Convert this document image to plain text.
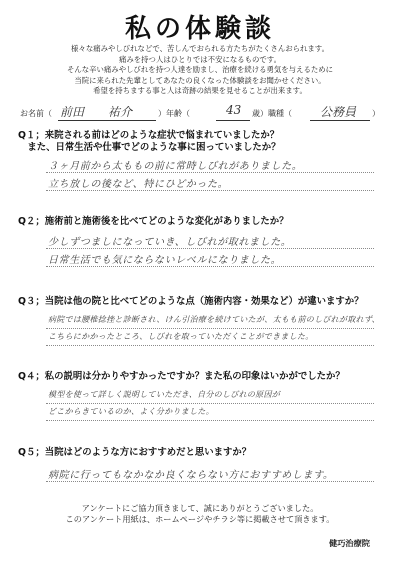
私の体験談
様々な痛みやしびれなどで、苦しんでおられる方たちがたくさんおられます。
痛みを持つ人はひとりでは不安になるものです。
そんな辛い痛みやしびれを持つ人達を励まし、治療を続ける勇気を与えるために
当院に来られた先輩としてあなたの良くなった体験談をお聞かせください。
希望を持ちまする事と人は奇跡の結果を見せることが出来ます。
お名前（ 前田　　祐介	）年齢（	43 歳）職種（ 公務員 ）
Q１；来院される前はどのような症状で悩まれていましたか？
　また、日常生活や仕事でどのような事に困っていましたか？
３ヶ月前から太ももの前に常時しびれがありました。
立ち放しの後など、特にひどかった。
Q２；施術前と施術後を比べてどのような変化がありましたか？
少しずつましになっていき、しびれが取れました。
日常生活でも気にならないレベルになりました。
Q３；当院は他の院と比べてどのような点（施術内容・効果など）が違いますか？
病院では腰椎捻挫と診断され、けん引治療を続けていたが、太もも前のしびれが取れず、
こちらにかかったところ、しびれを取っていただくことができました。
Q４；私の説明は分かりやすかったですか？また私の印象はいかがでしたか？
模型を使って詳しく説明していただき、自分のしびれの原因が
どこからきているのか、よく分かりました。
Q５；当院はどのような方におすすめだと思いますか？
病院に行ってもなかなか良くならない方におすすめします。
アンケートにご協力頂きまして、誠にありがとうございました。
このアンケート用紙は、ホームページやチラシ等に掲載させて頂きます。
健巧治療院
